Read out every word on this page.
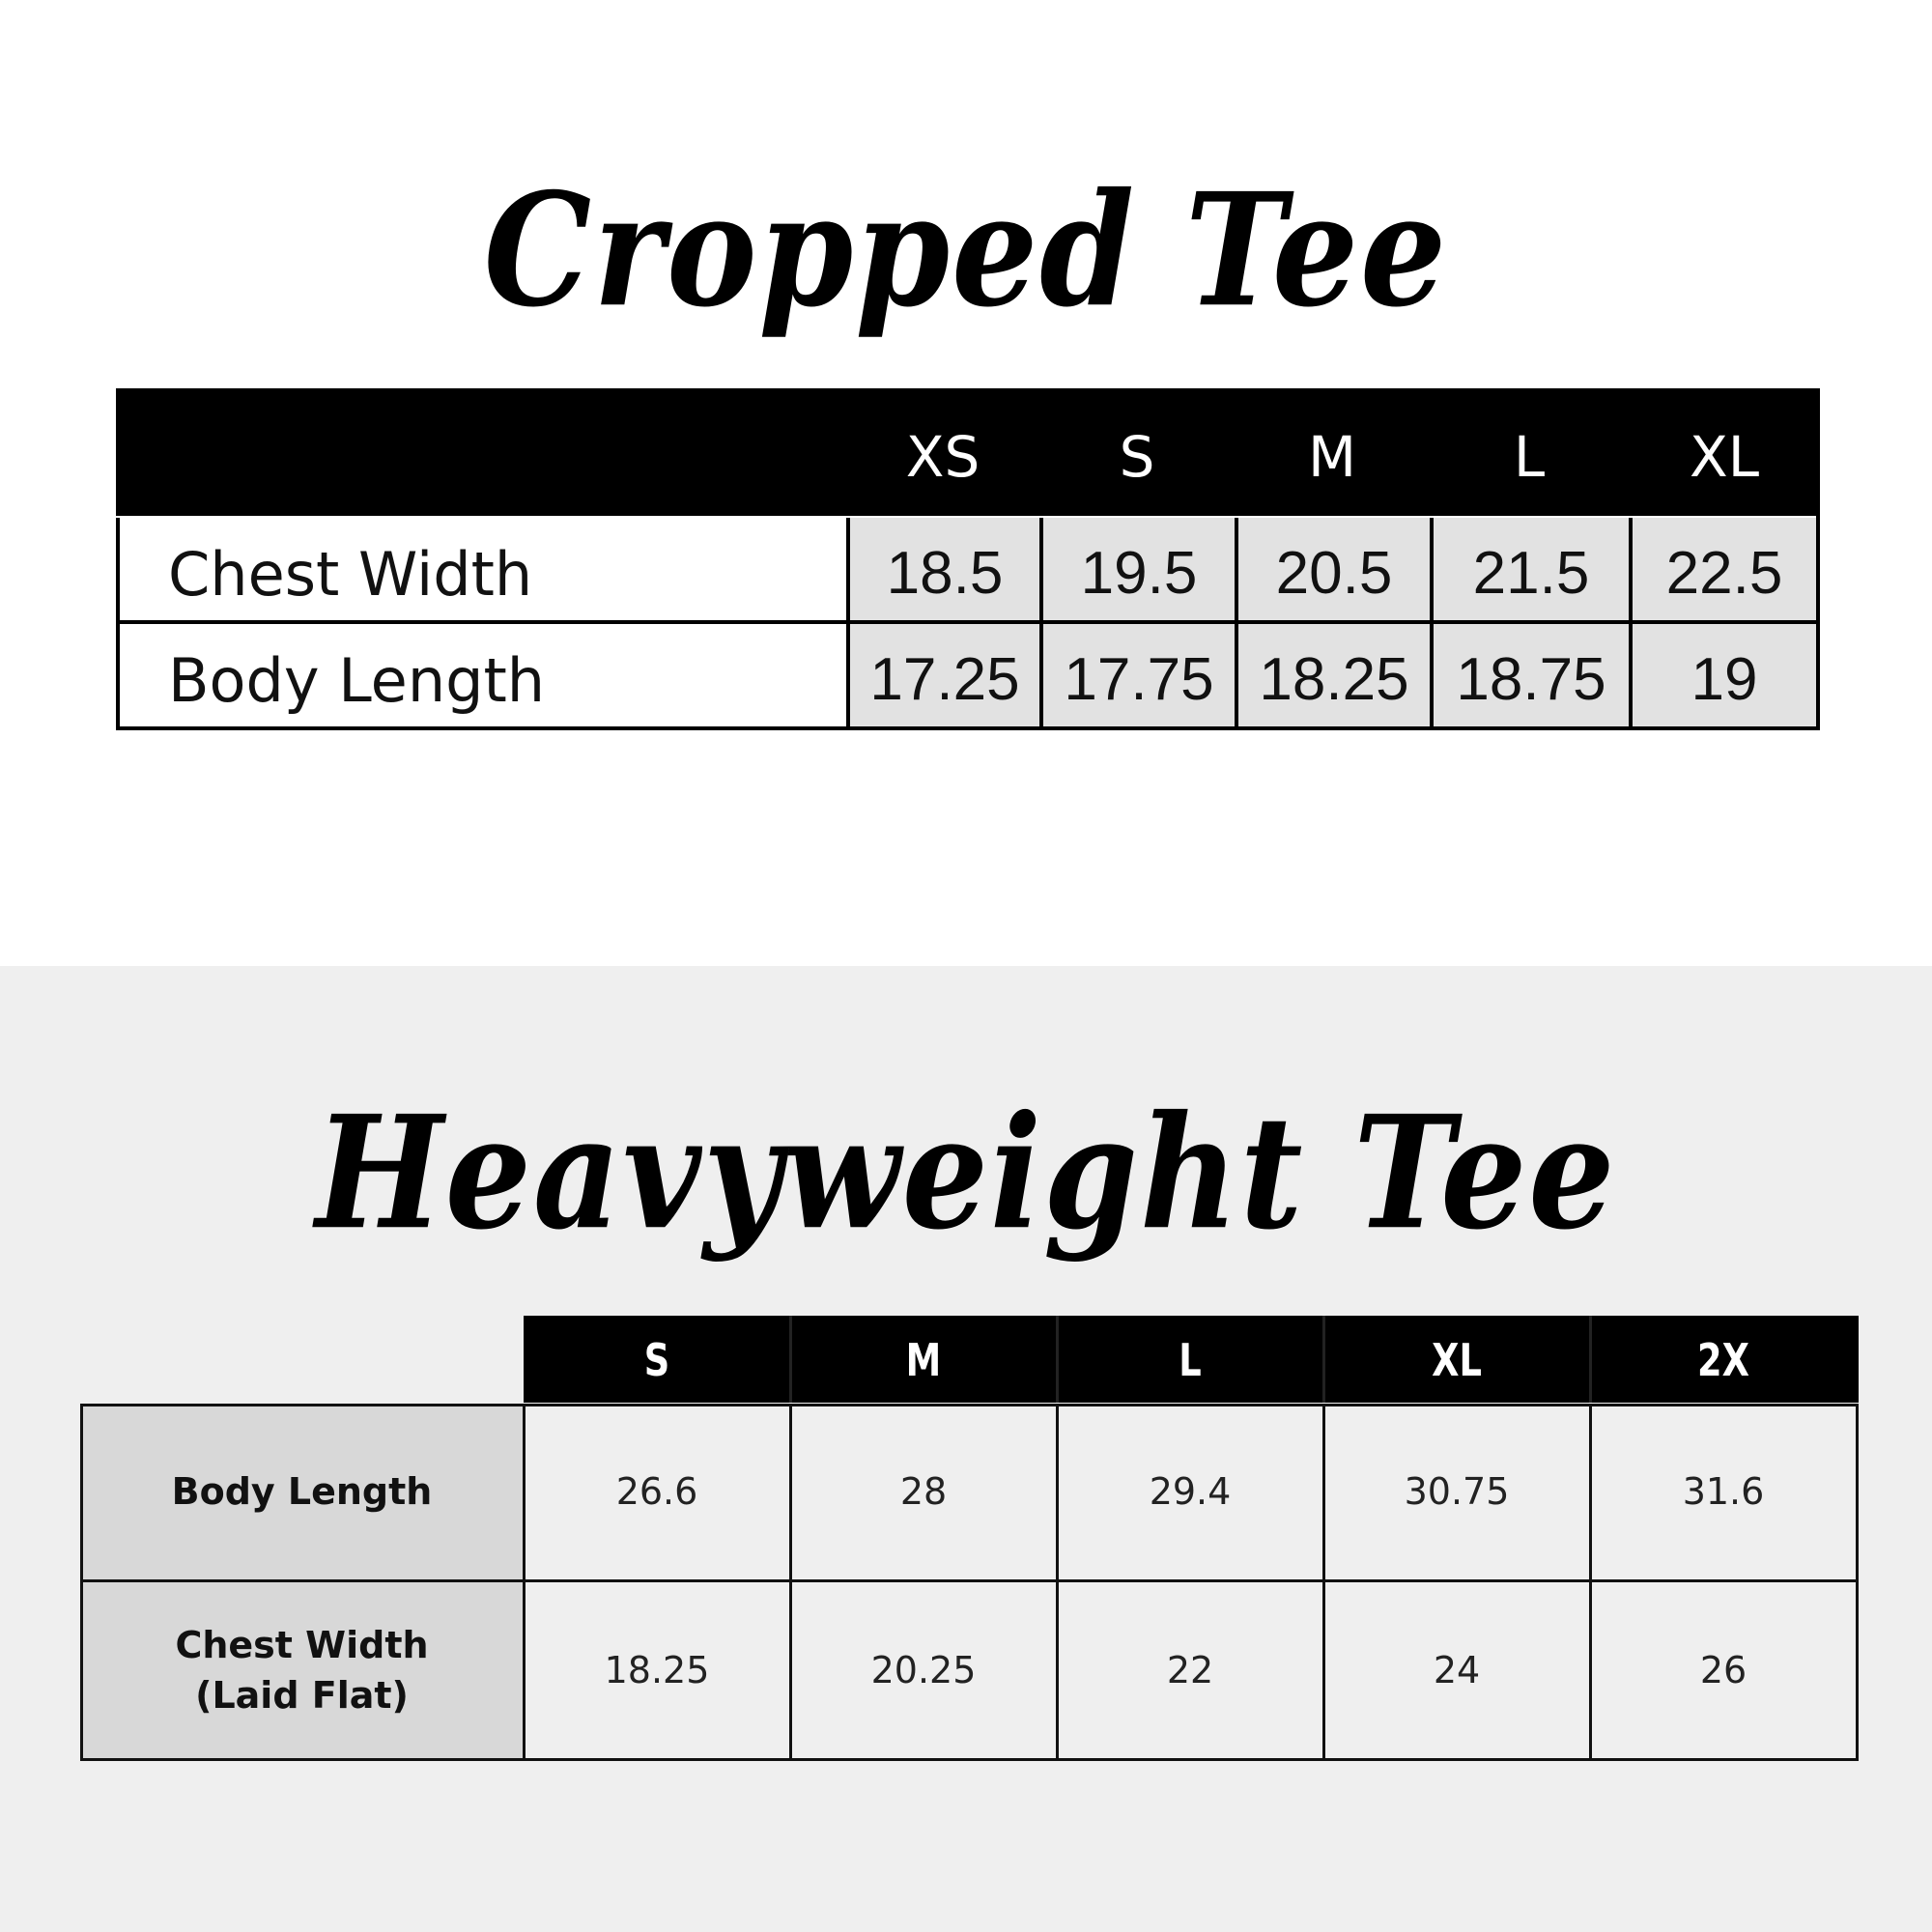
Cropped Tee
XS	S	M	L	XL
Chest Width	18.5	19.5	20.5	21.5	22.5
Body Length	17.25 17.75 18.25 18.75	19
Heavyweight Tee
S	M	L	XL	2X
Body Length	26.6	28	29.4	30.75	31.6
Chest Width
(Laid Flat)
18.25	20.25	22	24	26
